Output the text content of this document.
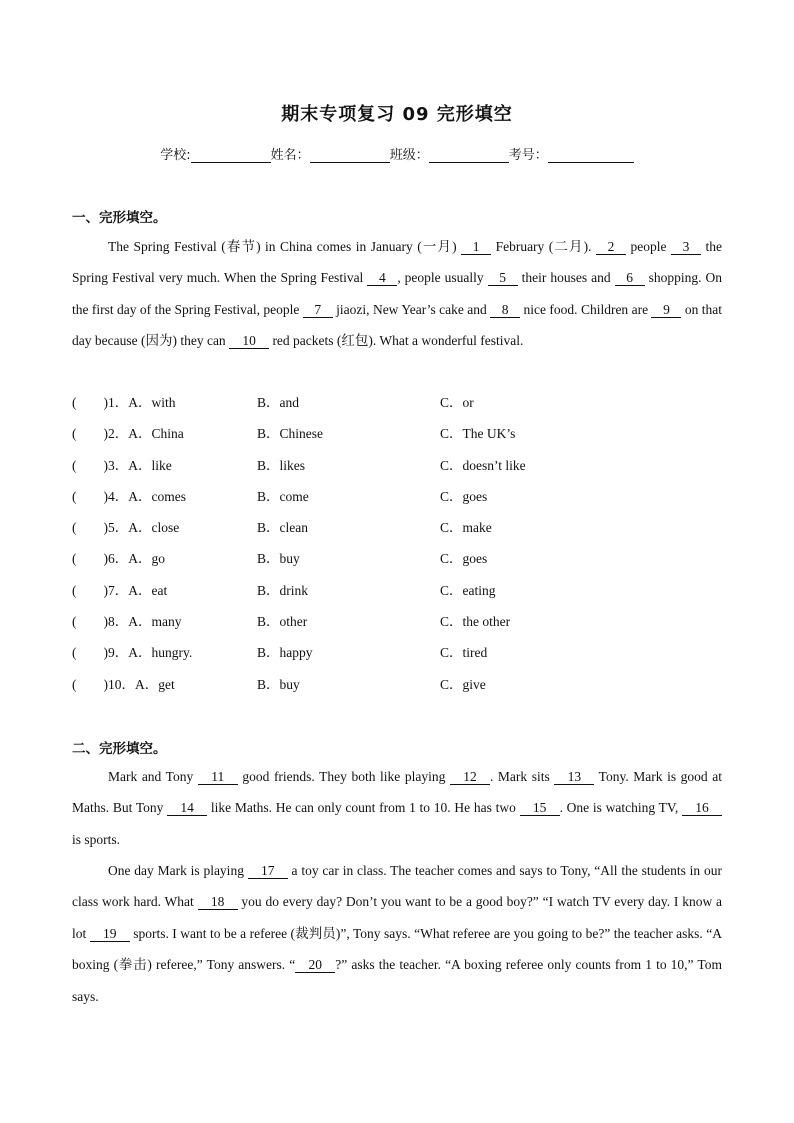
期末专项复习 09 完形填空
学校:	姓名：	班级：	考号：
一、完形填空。
The Spring Festival (春节) in China comes in January (一月) 1 February (二月). 2 people 3 the Spring Festival very much. When the Spring Festival 4 , people usually 5 their houses and 6 shopping. On the first day of the Spring Festival, people 7 jiaozi, New Year’s cake and 8 nice food. Children are 9 on that day because (因为) they can 10 red packets (红包). What a wonderful festival.
(　　)1．A．with	B．and	C．or
(　　)2．A．China	B．Chinese	C．The UK’s
(　　)3．A．like	B．likes	C．doesn’t like
(　　)4．A．comes	B．come	C．goes
(　　)5．A．close	B．clean	C．make
(　　)6．A．go	B．buy	C．goes
(　　)7．A．eat	B．drink	C．eating
(　　)8．A．many	B．other	C．the other
(　　)9．A．hungry.	B．happy	C．tired
(　　)10．A．get	B．buy	C．give
二、完形填空。
Mark and Tony 11 good friends. They both like playing 12 . Mark sits 13 Tony. Mark is good at Maths. But Tony 14 like Maths. He can only count from 1 to 10. He has two 15 . One is watching TV, 16 is sports.
One day Mark is playing 17 a toy car in class. The teacher comes and says to Tony, “All the students in our class work hard. What 18 you do every day? Don’t you want to be a good boy?” “I watch TV every day. I know a lot 19 sports. I want to be a referee (裁判员)”, Tony says. “What referee are you going to be?” the teacher asks. “A boxing (拳击) referee,” Tony answers. “ 20 ?” asks the teacher. “A boxing referee only counts from 1 to 10,” Tom says.
